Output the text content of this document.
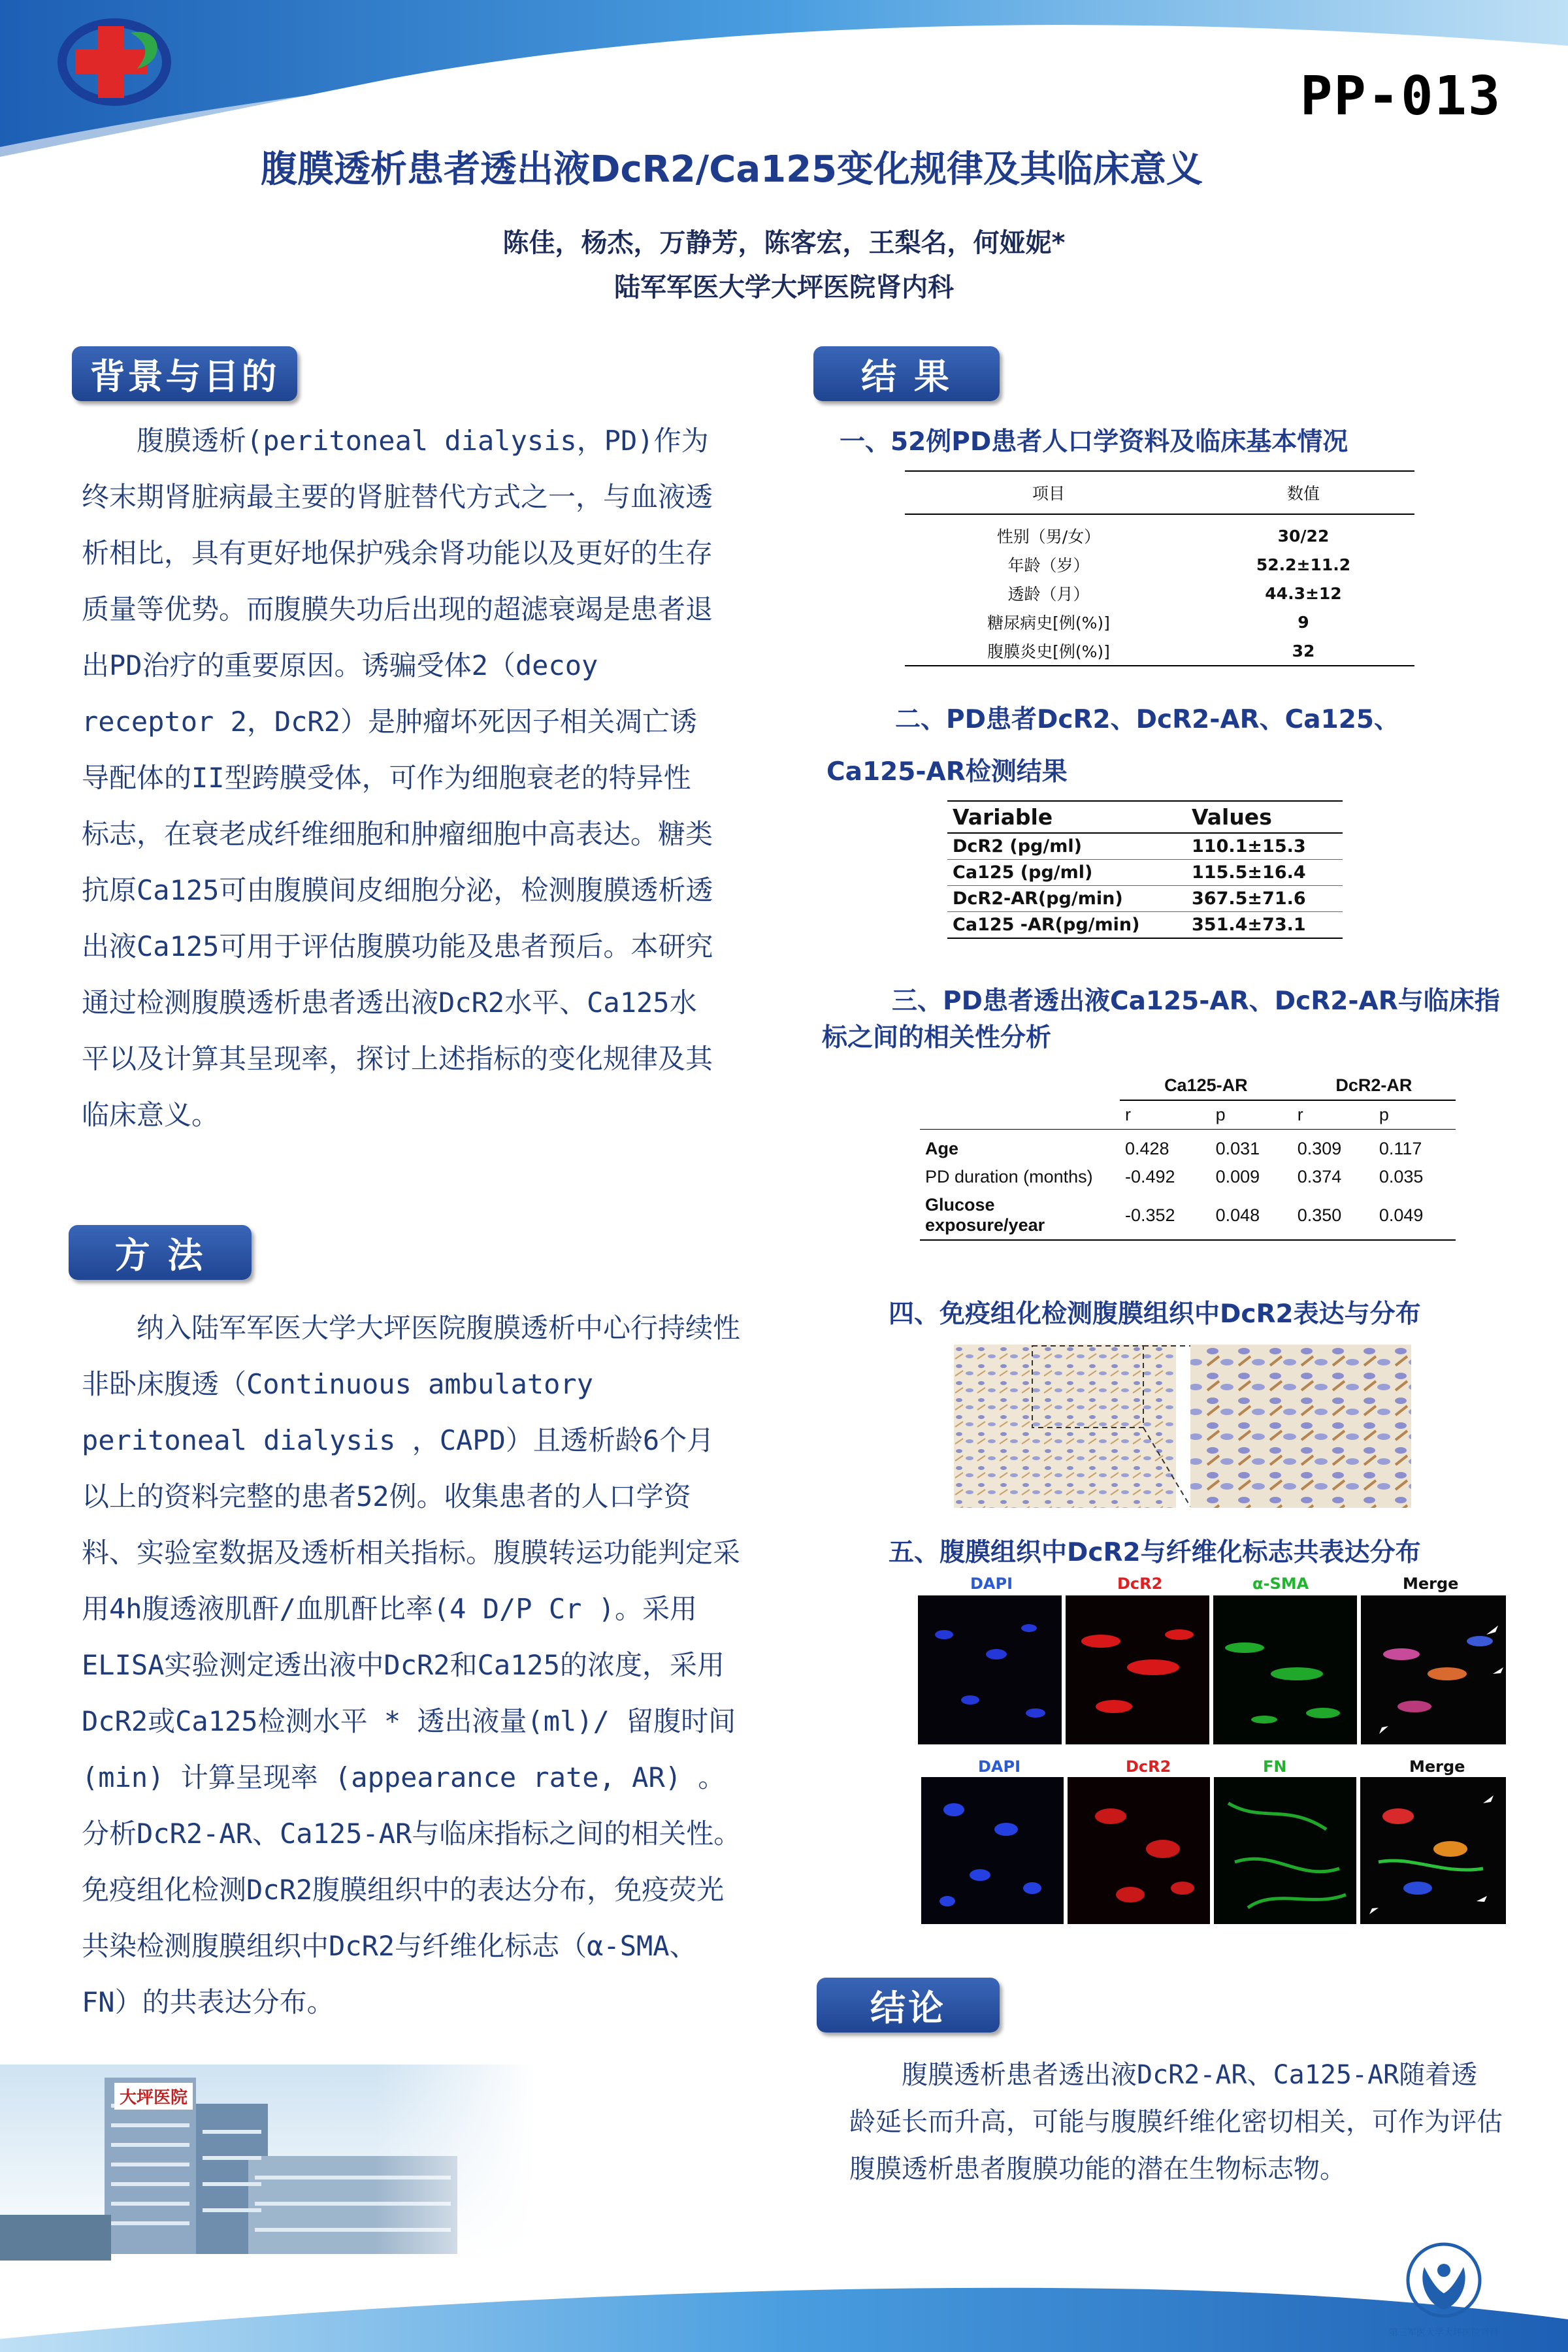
PP-013
腹膜透析患者透出液DcR2/Ca125变化规律及其临床意义
陈佳，杨杰，万静芳，陈客宏，王梨名，何娅妮*
陆军军医大学大坪医院肾内科
背景与目的

腹膜透析(peritoneal dialysis，PD)作为终末期肾脏病最主要的肾脏替代方式之一，与血液透析相比，具有更好地保护残余肾功能以及更好的生存质量等优势。而腹膜失功后出现的超滤衰竭是患者退出PD治疗的重要原因。诱骗受体2（decoy receptor 2，DcR2）是肿瘤坏死因子相关凋亡诱导配体的II型跨膜受体，可作为细胞衰老的特异性标志，在衰老成纤维细胞和肿瘤细胞中高表达。糖类抗原Ca125可由腹膜间皮细胞分泌，检测腹膜透析透出液Ca125可用于评估腹膜功能及患者预后。本研究通过检测腹膜透析患者透出液DcR2水平、Ca125水平以及计算其呈现率，探讨上述指标的变化规律及其临床意义。

方 法

纳入陆军军医大学大坪医院腹膜透析中心行持续性非卧床腹透（Continuous ambulatory peritoneal dialysis ，CAPD）且透析龄6个月以上的资料完整的患者52例。收集患者的人口学资料、实验室数据及透析相关指标。腹膜转运功能判定采用4h腹透液肌酐/血肌酐比率(4 D/P Cr )。采用ELISA实验测定透出液中DcR2和Ca125的浓度，采用DcR2或Ca125检测水平 * 透出液量(ml)/ 留腹时间 (min) 计算呈现率 (appearance rate, AR) 。分析DcR2-AR、Ca125-AR与临床指标之间的相关性。免疫组化检测DcR2腹膜组织中的表达分布，免疫荧光共染检测腹膜组织中DcR2与纤维化标志（α-SMA、FN）的共表达分布。

大坪医院
结 果
一、52例PD患者人口学资料及临床基本情况
项目	数值
性别（男/女）	30/22
年龄（岁）	52.2±11.2
透龄（月）	44.3±12
糖尿病史[例(%)]	9
腹膜炎史[例(%)]	32
二、PD患者DcR2、DcR2-AR、Ca125、
Ca125-AR检测结果
Variable	Values
DcR2 (pg/ml)	110.1±15.3
Ca125 (pg/ml)	115.5±16.4
DcR2-AR(pg/min)	367.5±71.6
Ca125 -AR(pg/min)	351.4±73.1
三、PD患者透出液Ca125-AR、DcR2-AR与临床指标之间的相关性分析
	Ca125-AR		DcR2-AR	
	r	p	r	p
Age	0.428	0.031	0.309	0.117
PD duration (months)	-0.492	0.009	0.374	0.035
Glucose exposure/year	-0.352	0.048	0.350	0.049
四、免疫组化检测腹膜组织中DcR2表达与分布
五、腹膜组织中DcR2与纤维化标志共表达分布
DAPI	DcR2	α-SMA	Merge
DAPI	DcR2	FN	Merge
结论

腹膜透析患者透出液DcR2-AR、Ca125-AR随着透龄延长而升高，可能与腹膜纤维化密切相关，可作为评估腹膜透析患者腹膜功能的潜在生物标志物。

第三军医大学大坪医院肾科
